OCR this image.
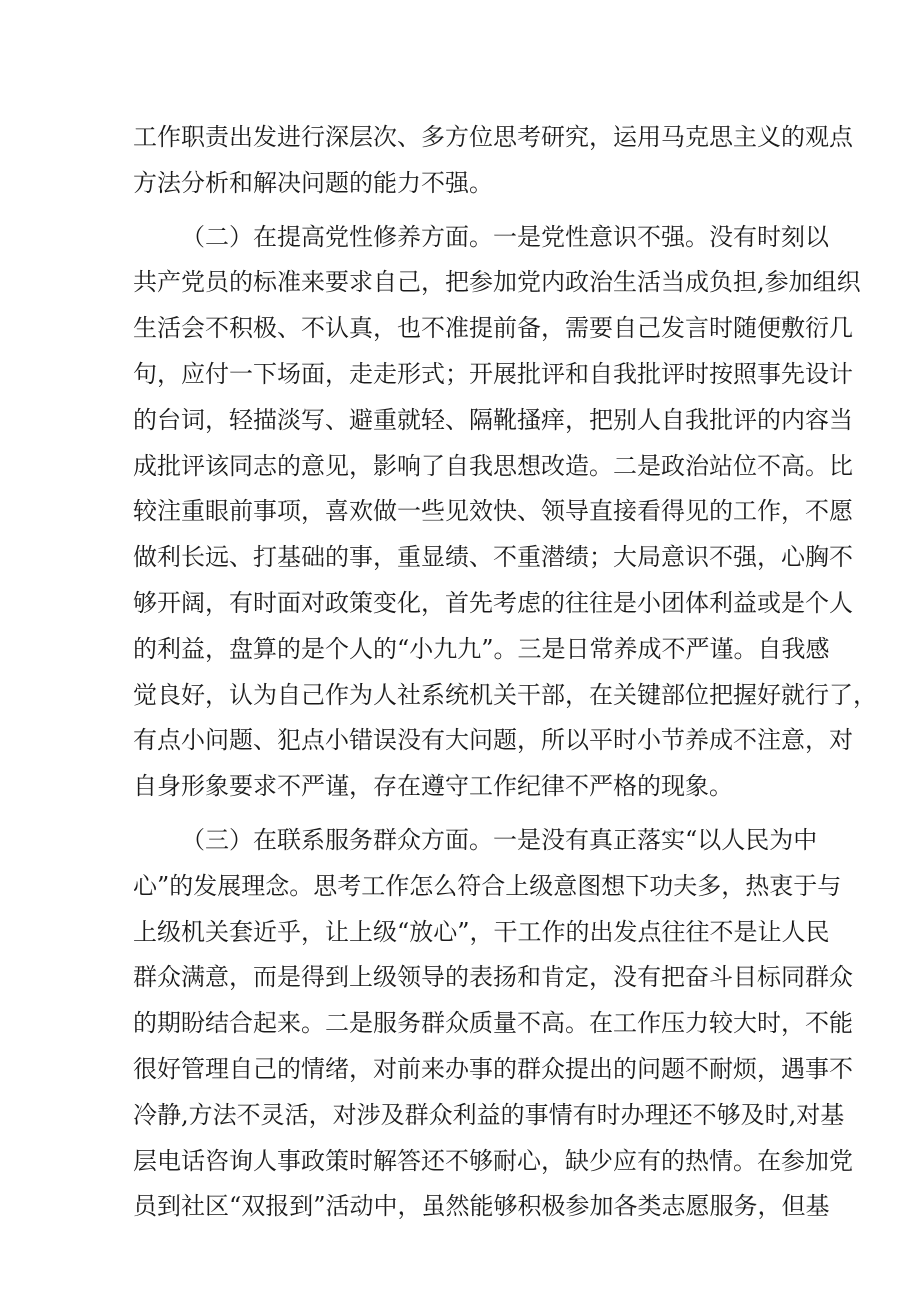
工作职责出发进行深层次、多方位思考研究，运用马克思主义的观点
方法分析和解决问题的能力不强。
（二）在提高党性修养方面。一是党性意识不强。没有时刻以
共产党员的标准来要求自己，把参加党内政治生活当成负担,参加组织
生活会不积极、不认真，也不准提前备，需要自己发言时随便敷衍几
句，应付一下场面，走走形式；开展批评和自我批评时按照事先设计
的台词，轻描淡写、避重就轻、隔靴搔痒，把别人自我批评的内容当
成批评该同志的意见，影响了自我思想改造。二是政治站位不高。比
较注重眼前事项，喜欢做一些见效快、领导直接看得见的工作，不愿
做利长远、打基础的事，重显绩、不重潜绩；大局意识不强，心胸不
够开阔，有时面对政策变化，首先考虑的往往是小团体利益或是个人
的利益，盘算的是个人的“小九九”。三是日常养成不严谨。自我感
觉良好，认为自己作为人社系统机关干部，在关键部位把握好就行了，
有点小问题、犯点小错误没有大问题，所以平时小节养成不注意，对
自身形象要求不严谨，存在遵守工作纪律不严格的现象。
（三）在联系服务群众方面。一是没有真正落实“以人民为中
心”的发展理念。思考工作怎么符合上级意图想下功夫多，热衷于与
上级机关套近乎，让上级“放心”，干工作的出发点往往不是让人民
群众满意，而是得到上级领导的表扬和肯定，没有把奋斗目标同群众
的期盼结合起来。二是服务群众质量不高。在工作压力较大时，不能
很好管理自己的情绪，对前来办事的群众提出的问题不耐烦，遇事不
冷静,方法不灵活，对涉及群众利益的事情有时办理还不够及时,对基
层电话咨询人事政策时解答还不够耐心，缺少应有的热情。在参加党
员到社区“双报到”活动中，虽然能够积极参加各类志愿服务，但基
